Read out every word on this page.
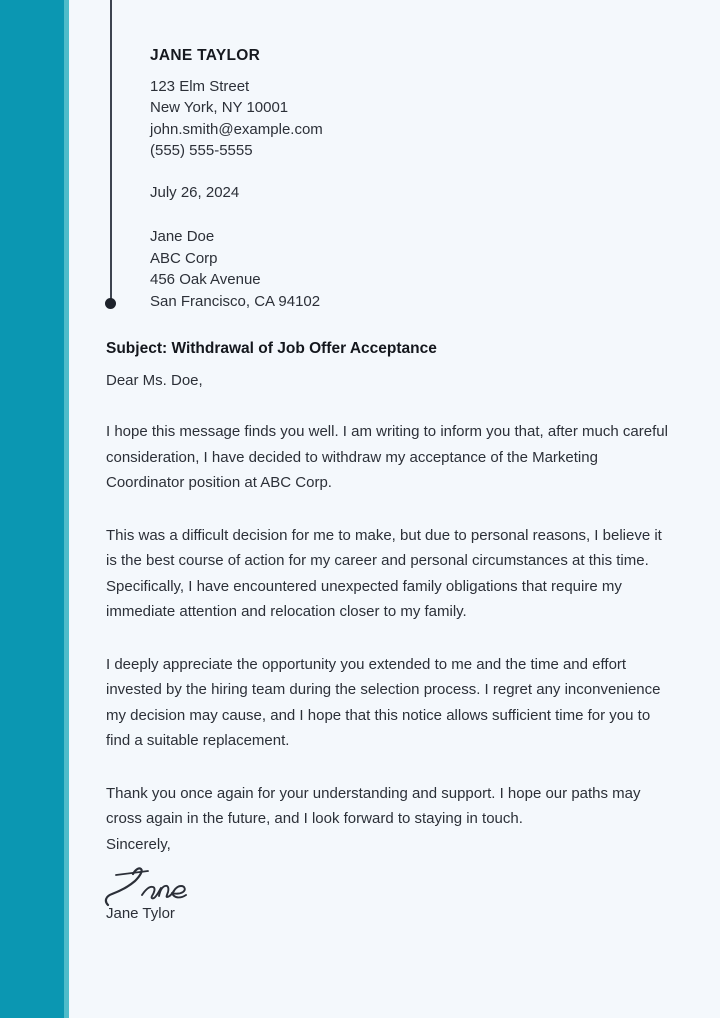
JANE TAYLOR
123 Elm Street
New York, NY 10001
john.smith@example.com
(555) 555-5555
July 26, 2024
Jane Doe
ABC Corp
456 Oak Avenue
San Francisco, CA 94102
Subject: Withdrawal of Job Offer Acceptance
Dear Ms. Doe,

I hope this message finds you well. I am writing to inform you that, after much careful consideration, I have decided to withdraw my acceptance of the Marketing Coordinator position at ABC Corp.

This was a difficult decision for me to make, but due to personal reasons, I believe it is the best course of action for my career and personal circumstances at this time. Specifically, I have encountered unexpected family obligations that require my immediate attention and relocation closer to my family.

I deeply appreciate the opportunity you extended to me and the time and effort invested by the hiring team during the selection process. I regret any inconvenience my decision may cause, and I hope that this notice allows sufficient time for you to find a suitable replacement.

Thank you once again for your understanding and support. I hope our paths may cross again in the future, and I look forward to staying in touch.

Sincerely,
Jane Tylor
